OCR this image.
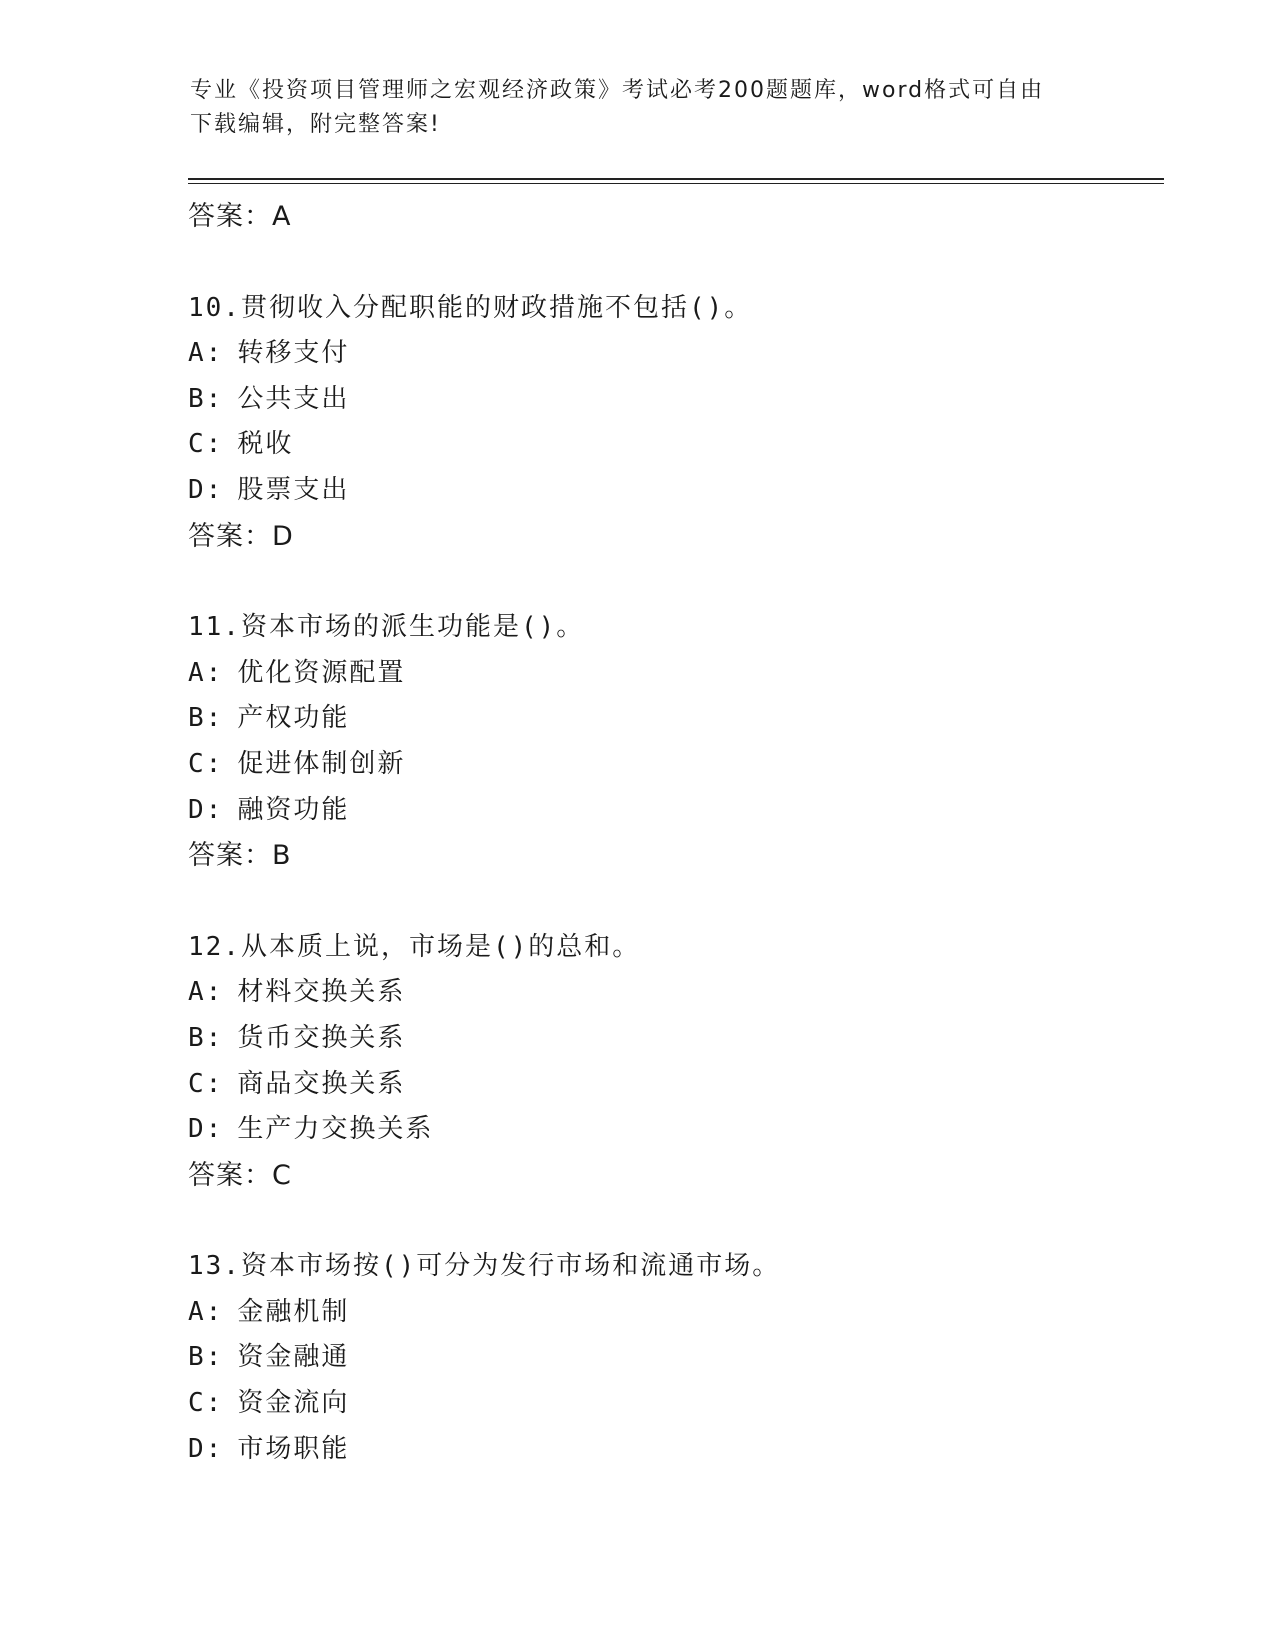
专业《投资项目管理师之宏观经济政策》考试必考200题题库，word格式可自由
下载编辑，附完整答案!
答案：A
10.贯彻收入分配职能的财政措施不包括()。
A: 转移支付
B: 公共支出
C: 税收
D: 股票支出
答案：D
11.资本市场的派生功能是()。
A: 优化资源配置
B: 产权功能
C: 促进体制创新
D: 融资功能
答案：B
12.从本质上说，市场是()的总和。
A: 材料交换关系
B: 货币交换关系
C: 商品交换关系
D: 生产力交换关系
答案：C
13.资本市场按()可分为发行市场和流通市场。
A: 金融机制
B: 资金融通
C: 资金流向
D: 市场职能
